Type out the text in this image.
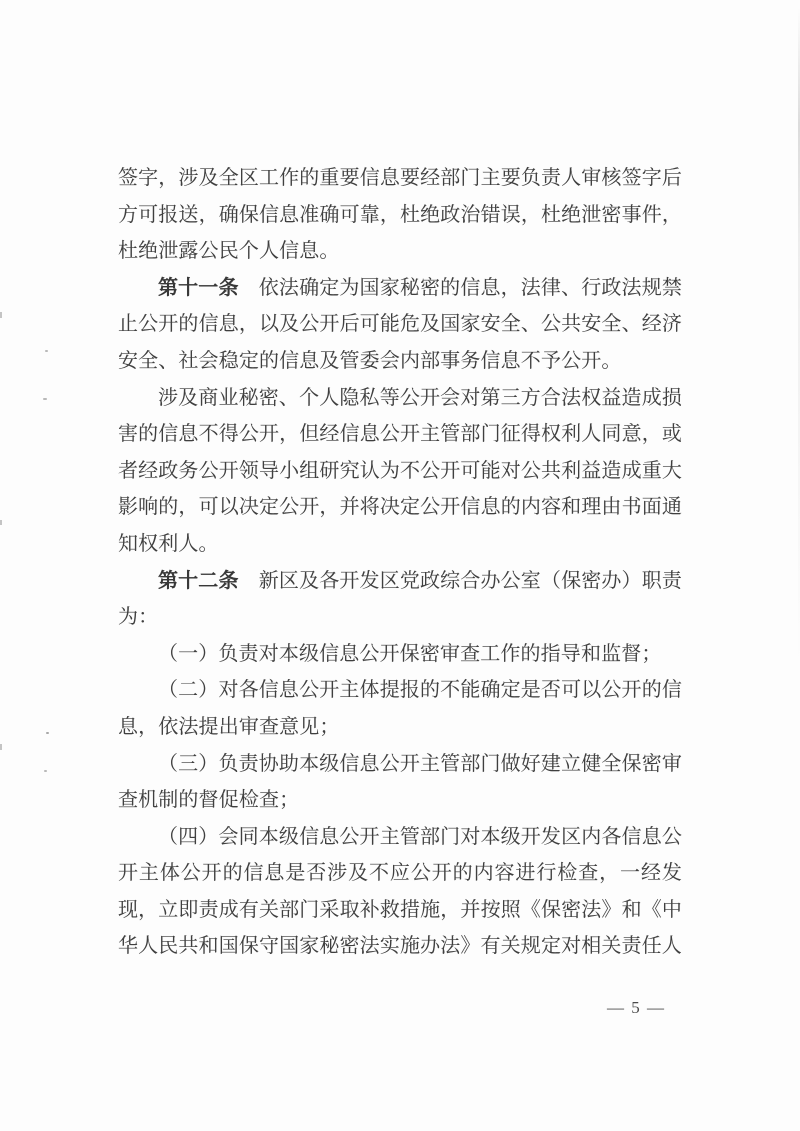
签字，涉及全区工作的重要信息要经部门主要负责人审核签字后方可报送，确保信息准确可靠，杜绝政治错误，杜绝泄密事件，杜绝泄露公民个人信息。

第十一条　依法确定为国家秘密的信息，法律、行政法规禁止公开的信息，以及公开后可能危及国家安全、公共安全、经济安全、社会稳定的信息及管委会内部事务信息不予公开。

涉及商业秘密、个人隐私等公开会对第三方合法权益造成损害的信息不得公开，但经信息公开主管部门征得权利人同意，或者经政务公开领导小组研究认为不公开可能对公共利益造成重大影响的，可以决定公开，并将决定公开信息的内容和理由书面通知权利人。

第十二条　新区及各开发区党政综合办公室（保密办）职责为：

（一）负责对本级信息公开保密审查工作的指导和监督；

（二）对各信息公开主体提报的不能确定是否可以公开的信息，依法提出审查意见；

（三）负责协助本级信息公开主管部门做好建立健全保密审查机制的督促检查；

（四）会同本级信息公开主管部门对本级开发区内各信息公开主体公开的信息是否涉及不应公开的内容进行检查，一经发现，立即责成有关部门采取补救措施，并按照《保密法》和《中华人民共和国保守国家秘密法实施办法》有关规定对相关责任人

— 5 —
